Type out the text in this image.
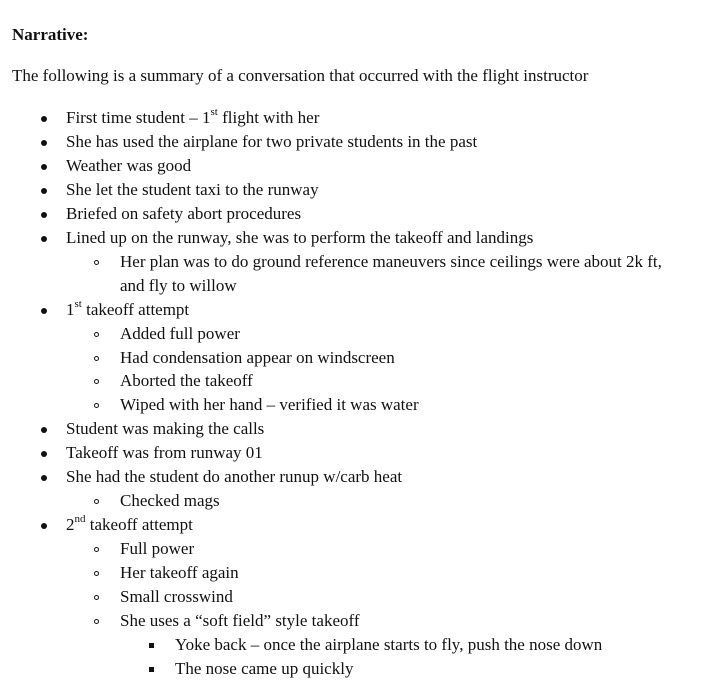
Narrative:

The following is a summary of a conversation that occurred with the flight instructor

First time student – 1st flight with her
She has used the airplane for two private students in the past
Weather was good
She let the student taxi to the runway
Briefed on safety abort procedures
Lined up on the runway, she was to perform the takeoff and landings
Her plan was to do ground reference maneuvers since ceilings were about 2k ft,
and fly to willow
1st takeoff attempt
Added full power
Had condensation appear on windscreen
Aborted the takeoff
Wiped with her hand – verified it was water
Student was making the calls
Takeoff was from runway 01
She had the student do another runup w/carb heat
Checked mags
2nd takeoff attempt
Full power
Her takeoff again
Small crosswind
She uses a “soft field” style takeoff
Yoke back – once the airplane starts to fly, push the nose down
The nose came up quickly
